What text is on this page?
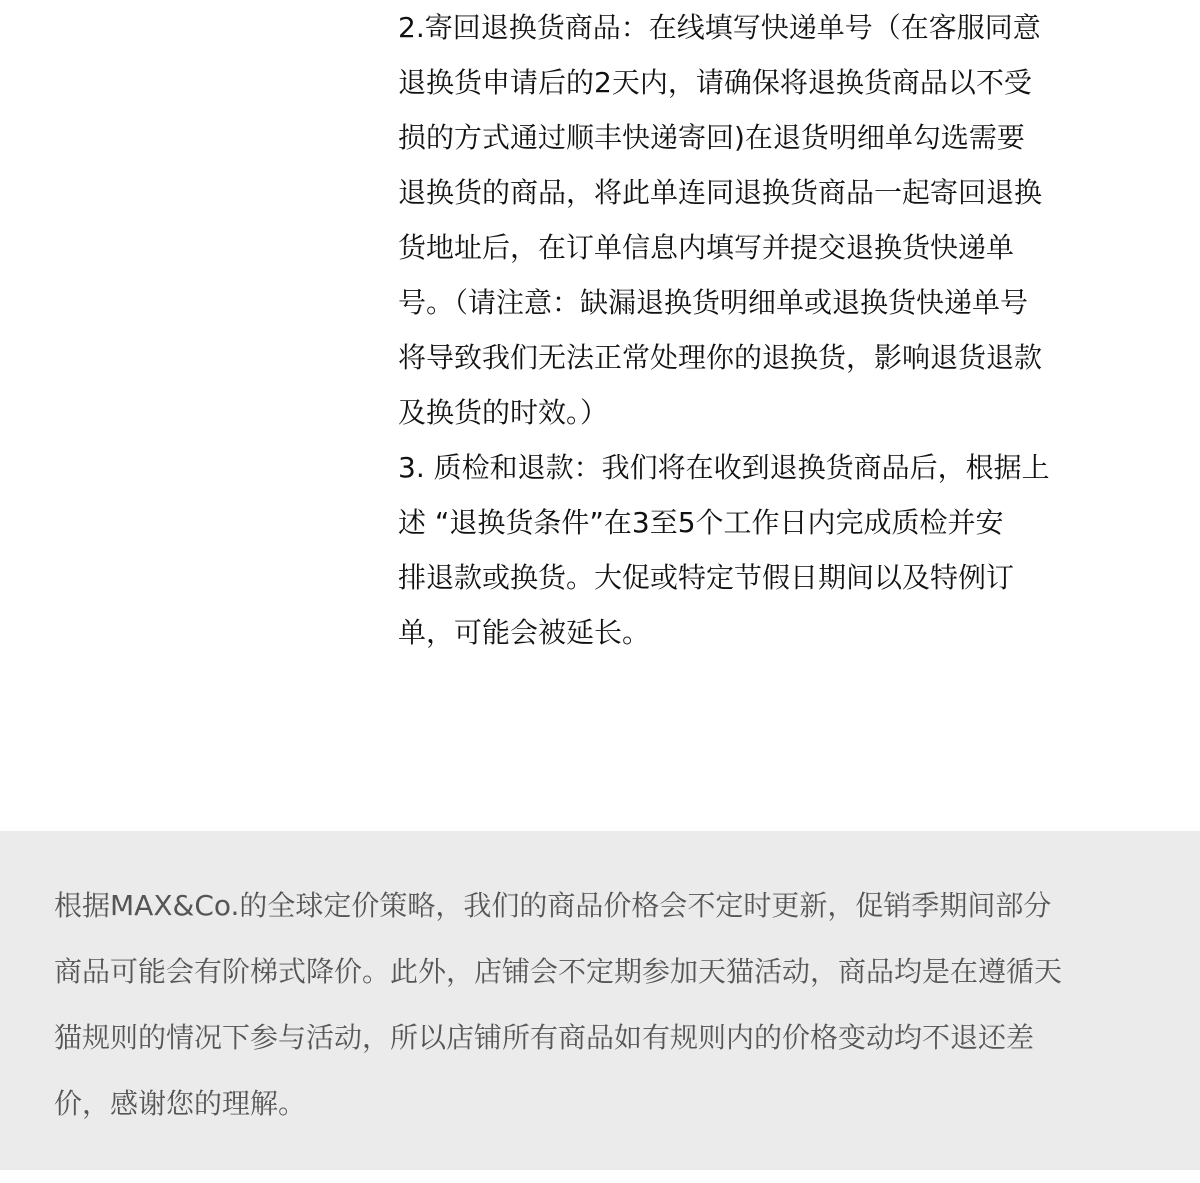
2.寄回退换货商品：在线填写快递单号（在客服同意
退换货申请后的2天内，请确保将退换货商品以不受
损的方式通过顺丰快递寄回)在退货明细单勾选需要
退换货的商品，将此单连同退换货商品一起寄回退换
货地址后，在订单信息内填写并提交退换货快递单
号。（请注意：缺漏退换货明细单或退换货快递单号
将导致我们无法正常处理你的退换货，影响退货退款
及换货的时效。）
3. 质检和退款：我们将在收到退换货商品后，根据上
述 “退换货条件”在3至5个工作日内完成质检并安
排退款或换货。大促或特定节假日期间以及特例订
单，可能会被延长。
根据MAX&Co.的全球定价策略，我们的商品价格会不定时更新，促销季期间部分
商品可能会有阶梯式降价。此外，店铺会不定期参加天猫活动，商品均是在遵循天
猫规则的情况下参与活动，所以店铺所有商品如有规则内的价格变动均不退还差
价，感谢您的理解。
